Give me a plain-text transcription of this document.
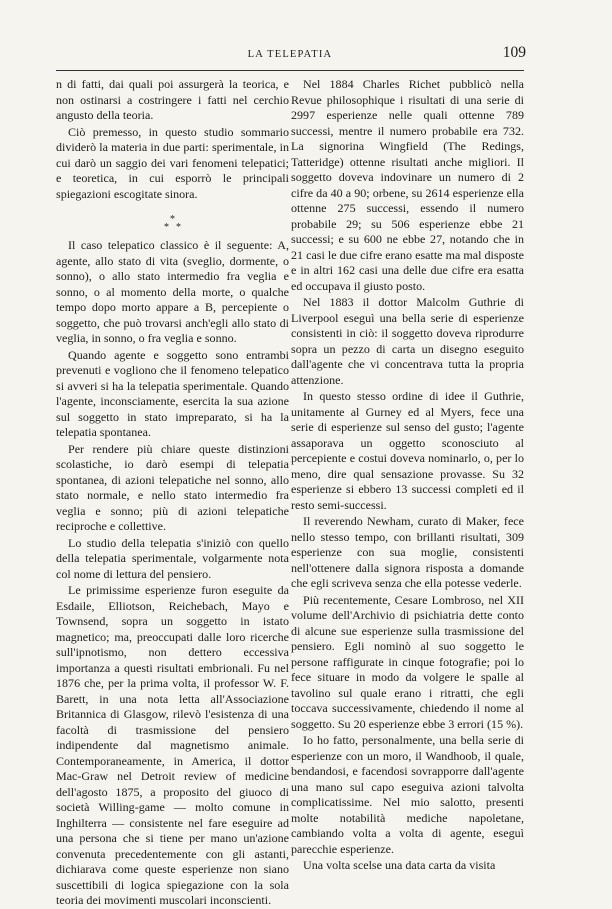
LA TELEPATIA	109

n di fatti, dai quali poi assurgerà la teorica, e non ostinarsi a costringere i fatti nel cerchio angusto della teoria.

Ciò premesso, in questo studio sommario dividerò la materia in due parti: sperimentale, in cui darò un saggio dei vari fenomeni telepatici; e teoretica, in cui esporrò le principali spiegazioni escogitate sinora.

*
* *

Il caso telepatico classico è il seguente: A, agente, allo stato di vita (sveglio, dormente, o sonno), o allo stato intermedio fra veglia e sonno, o al momento della morte, o qualche tempo dopo morto appare a B, percepiente o soggetto, che può trovarsi anch'egli allo stato di veglia, in sonno, o fra veglia e sonno.

Quando agente e soggetto sono entrambi prevenuti e vogliono che il fenomeno telepatico si avveri si ha la telepatia sperimentale. Quando l'agente, inconsciamente, esercita la sua azione sul soggetto in stato impreparato, si ha la telepatia spontanea.

Per rendere più chiare queste distinzioni scolastiche, io darò esempi di telepatia spontanea, di azioni telepatiche nel sonno, allo stato normale, e nello stato intermedio fra veglia e sonno; più di azioni telepatiche reciproche e collettive.

Lo studio della telepatia s'iniziò con quello della telepatia sperimentale, volgarmente nota col nome di lettura del pensiero.

Le primissime esperienze furon eseguite da Esdaile, Elliotson, Reichebach, Mayo e Townsend, sopra un soggetto in istato magnetico; ma, preoccupati dalle loro ricerche sull'ipnotismo, non dettero eccessiva importanza a questi risultati embrionali. Fu nel 1876 che, per la prima volta, il professor W. F. Barett, in una nota letta all'Associazione Britannica di Glasgow, rilevò l'esistenza di una facoltà di trasmissione del pensiero indipendente dal magnetismo animale. Contemporaneamente, in America, il dottor Mac-Graw nel Detroit review of medicine dell'agosto 1875, a proposito del giuoco di società Willing-game — molto comune in Inghilterra — consistente nel fare eseguire ad una persona che si tiene per mano un'azione convenuta precedentemente con gli astanti, dichiarava come queste esperienze non siano suscettibili di logica spiegazione con la sola teoria dei movimenti muscolari inconscienti.

Nel 1884 Charles Richet pubblicò nella Revue philosophique i risultati di una serie di 2997 esperienze nelle quali ottenne 789 successi, mentre il numero probabile era 732. La signorina Wingfield (The Redings, Tatteridge) ottenne risultati anche migliori. Il soggetto doveva indovinare un numero di 2 cifre da 40 a 90; orbene, su 2614 esperienze ella ottenne 275 successi, essendo il numero probabile 29; su 506 esperienze ebbe 21 successi; e su 600 ne ebbe 27, notando che in 21 casi le due cifre erano esatte ma mal disposte e in altri 162 casi una delle due cifre era esatta ed occupava il giusto posto.

Nel 1883 il dottor Malcolm Guthrie di Liverpool eseguì una bella serie di esperienze consistenti in ciò: il soggetto doveva riprodurre sopra un pezzo di carta un disegno eseguito dall'agente che vi concentrava tutta la propria attenzione.

In questo stesso ordine di idee il Guthrie, unitamente al Gurney ed al Myers, fece una serie di esperienze sul senso del gusto; l'agente assaporava un oggetto sconosciuto al percepiente e costui doveva nominarlo, o, per lo meno, dire qual sensazione provasse. Su 32 esperienze si ebbero 13 successi completi ed il resto semi-successi.

Il reverendo Newham, curato di Maker, fece nello stesso tempo, con brillanti risultati, 309 esperienze con sua moglie, consistenti nell'ottenere dalla signora risposta a domande che egli scriveva senza che ella potesse vederle.

Più recentemente, Cesare Lombroso, nel XII volume dell'Archivio di psichiatria dette conto di alcune sue esperienze sulla trasmissione del pensiero. Egli nominò al suo soggetto le persone raffigurate in cinque fotografie; poi lo fece situare in modo da volgere le spalle al tavolino sul quale erano i ritratti, che egli toccava successivamente, chiedendo il nome al soggetto. Su 20 esperienze ebbe 3 errori (15 %).

Io ho fatto, personalmente, una bella serie di esperienze con un moro, il Wandhoob, il quale, bendandosi, e facendosi sovrapporre dall'agente una mano sul capo eseguiva azioni talvolta complicatissime. Nel mio salotto, presenti molte notabilità mediche napoletane, cambiando volta a volta di agente, eseguì parecchie esperienze.

Una volta scelse una data carta da visita
